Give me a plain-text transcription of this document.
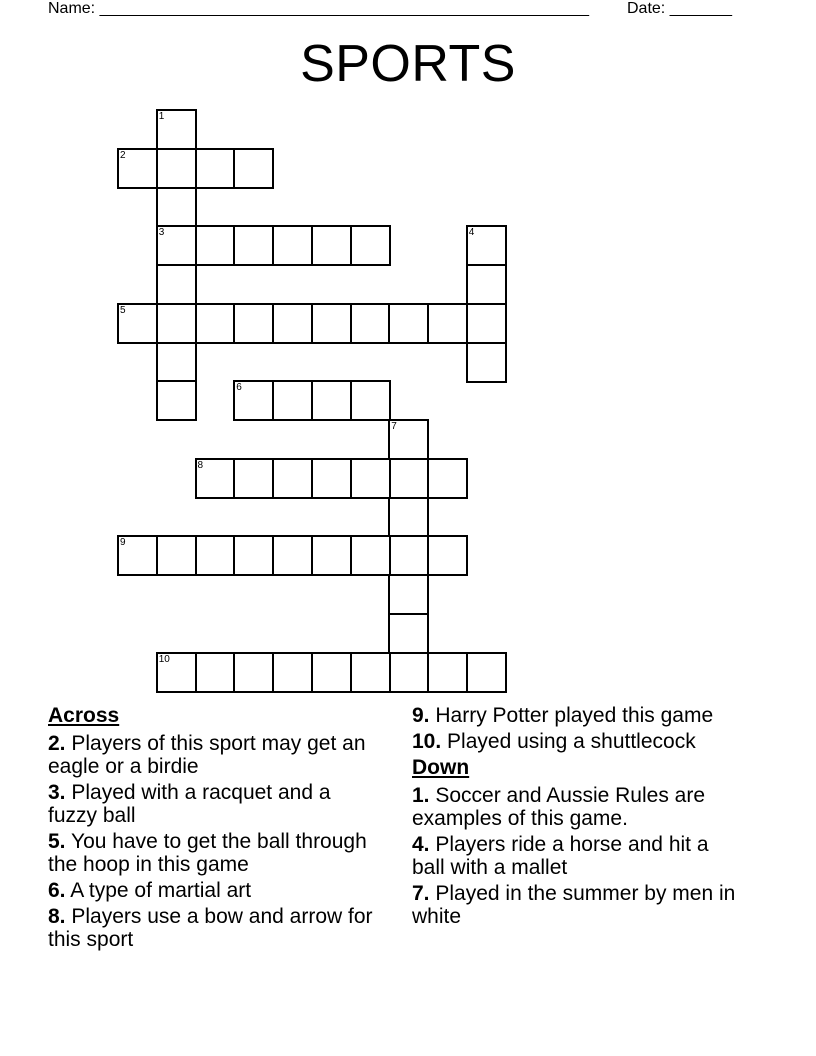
Name: _______________________________________________________ Date: _______
SPORTS
1
3
2
4
5
6
7
8
9
10
Across
2. Players of this sport may get an eagle or a birdie
3. Played with a racquet and a fuzzy ball
5. You have to get the ball through the hoop in this game
6. A type of martial art
8. Players use a bow and arrow for this sport
9. Harry Potter played this game
10. Played using a shuttlecock
Down
1. Soccer and Aussie Rules are examples of this game.
4. Players ride a horse and hit a ball with a mallet
7. Played in the summer by men in white
